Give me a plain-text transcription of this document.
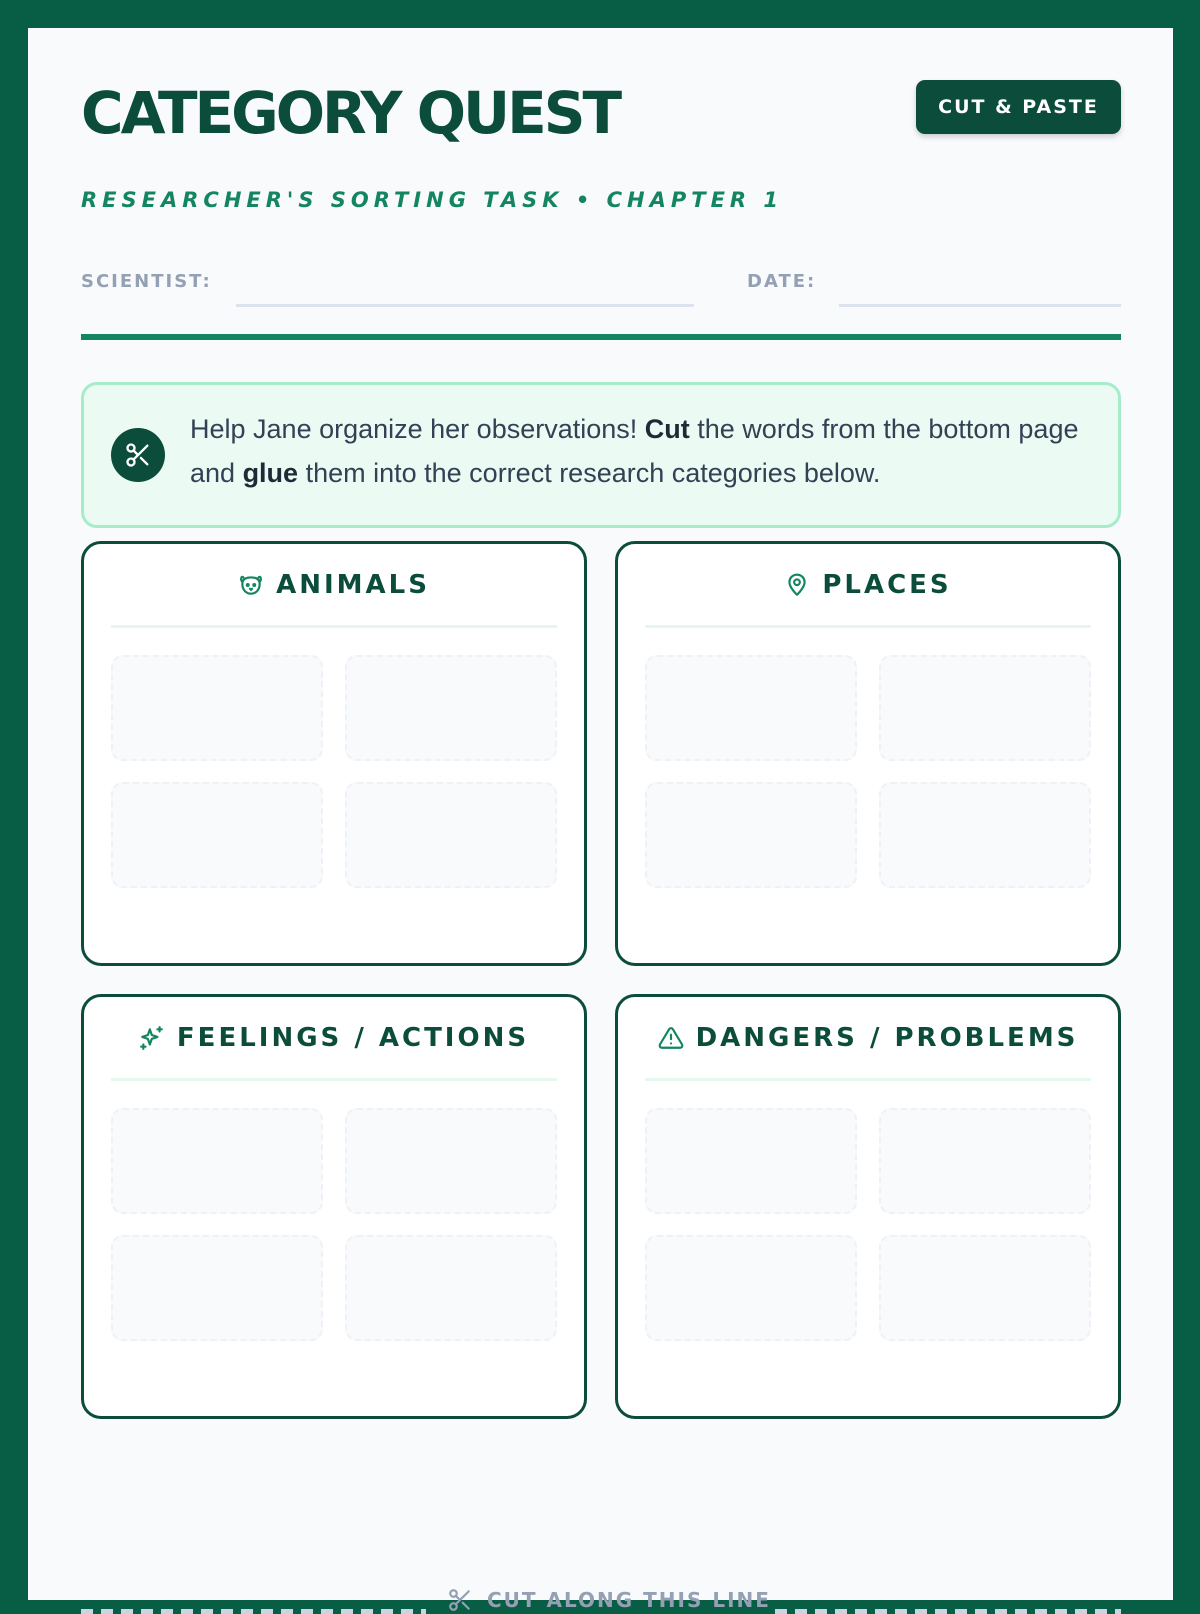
CATEGORY QUEST
RESEARCHER'S SORTING TASK • CHAPTER 1
CUT & PASTE
SCIENTIST:	DATE:
Help Jane organize her observations! Cut the words from the bottom page and glue them into the correct research categories below.
ANIMALS	PLACES
FEELINGS / ACTIONS	DANGERS / PROBLEMS
CUT ALONG THIS LINE
